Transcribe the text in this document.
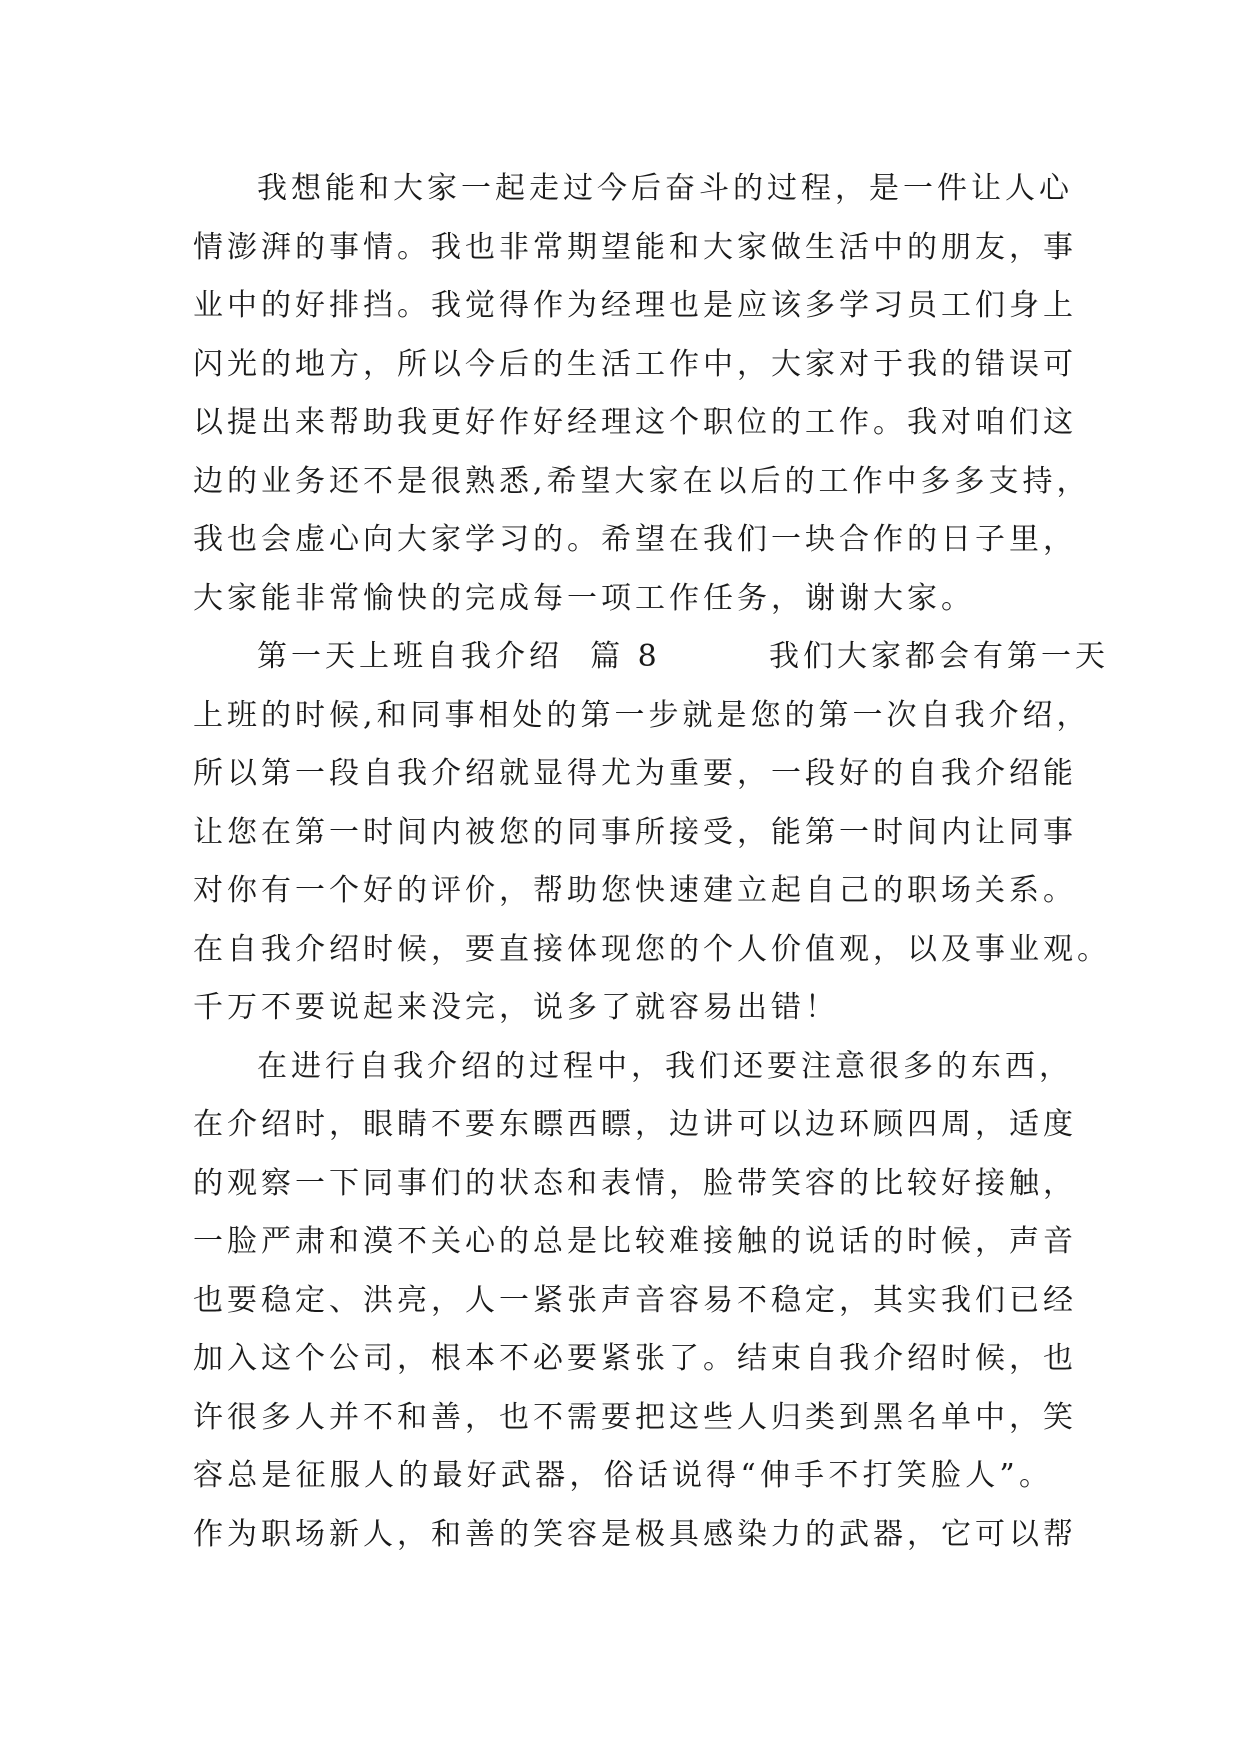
我想能和大家一起走过今后奋斗的过程，是一件让人心
情澎湃的事情。我也非常期望能和大家做生活中的朋友，事
业中的好排挡。我觉得作为经理也是应该多学习员工们身上
闪光的地方，所以今后的生活工作中，大家对于我的错误可
以提出来帮助我更好作好经理这个职位的工作。我对咱们这
边的业务还不是很熟悉,希望大家在以后的工作中多多支持，
我也会虚心向大家学习的。希望在我们一块合作的日子里，
大家能非常愉快的完成每一项工作任务，谢谢大家。
第一天上班自我介绍  篇 8        我们大家都会有第一天
上班的时候,和同事相处的第一步就是您的第一次自我介绍，
所以第一段自我介绍就显得尤为重要，一段好的自我介绍能
让您在第一时间内被您的同事所接受，能第一时间内让同事
对你有一个好的评价，帮助您快速建立起自己的职场关系。
在自我介绍时候，要直接体现您的个人价值观，以及事业观。
千万不要说起来没完，说多了就容易出错！
在进行自我介绍的过程中，我们还要注意很多的东西，
在介绍时，眼睛不要东瞟西瞟，边讲可以边环顾四周，适度
的观察一下同事们的状态和表情，脸带笑容的比较好接触，
一脸严肃和漠不关心的总是比较难接触的说话的时候，声音
也要稳定、洪亮，人一紧张声音容易不稳定，其实我们已经
加入这个公司，根本不必要紧张了。结束自我介绍时候，也
许很多人并不和善，也不需要把这些人归类到黑名单中，笑
容总是征服人的最好武器，俗话说得“伸手不打笑脸人”。
作为职场新人，和善的笑容是极具感染力的武器，它可以帮
